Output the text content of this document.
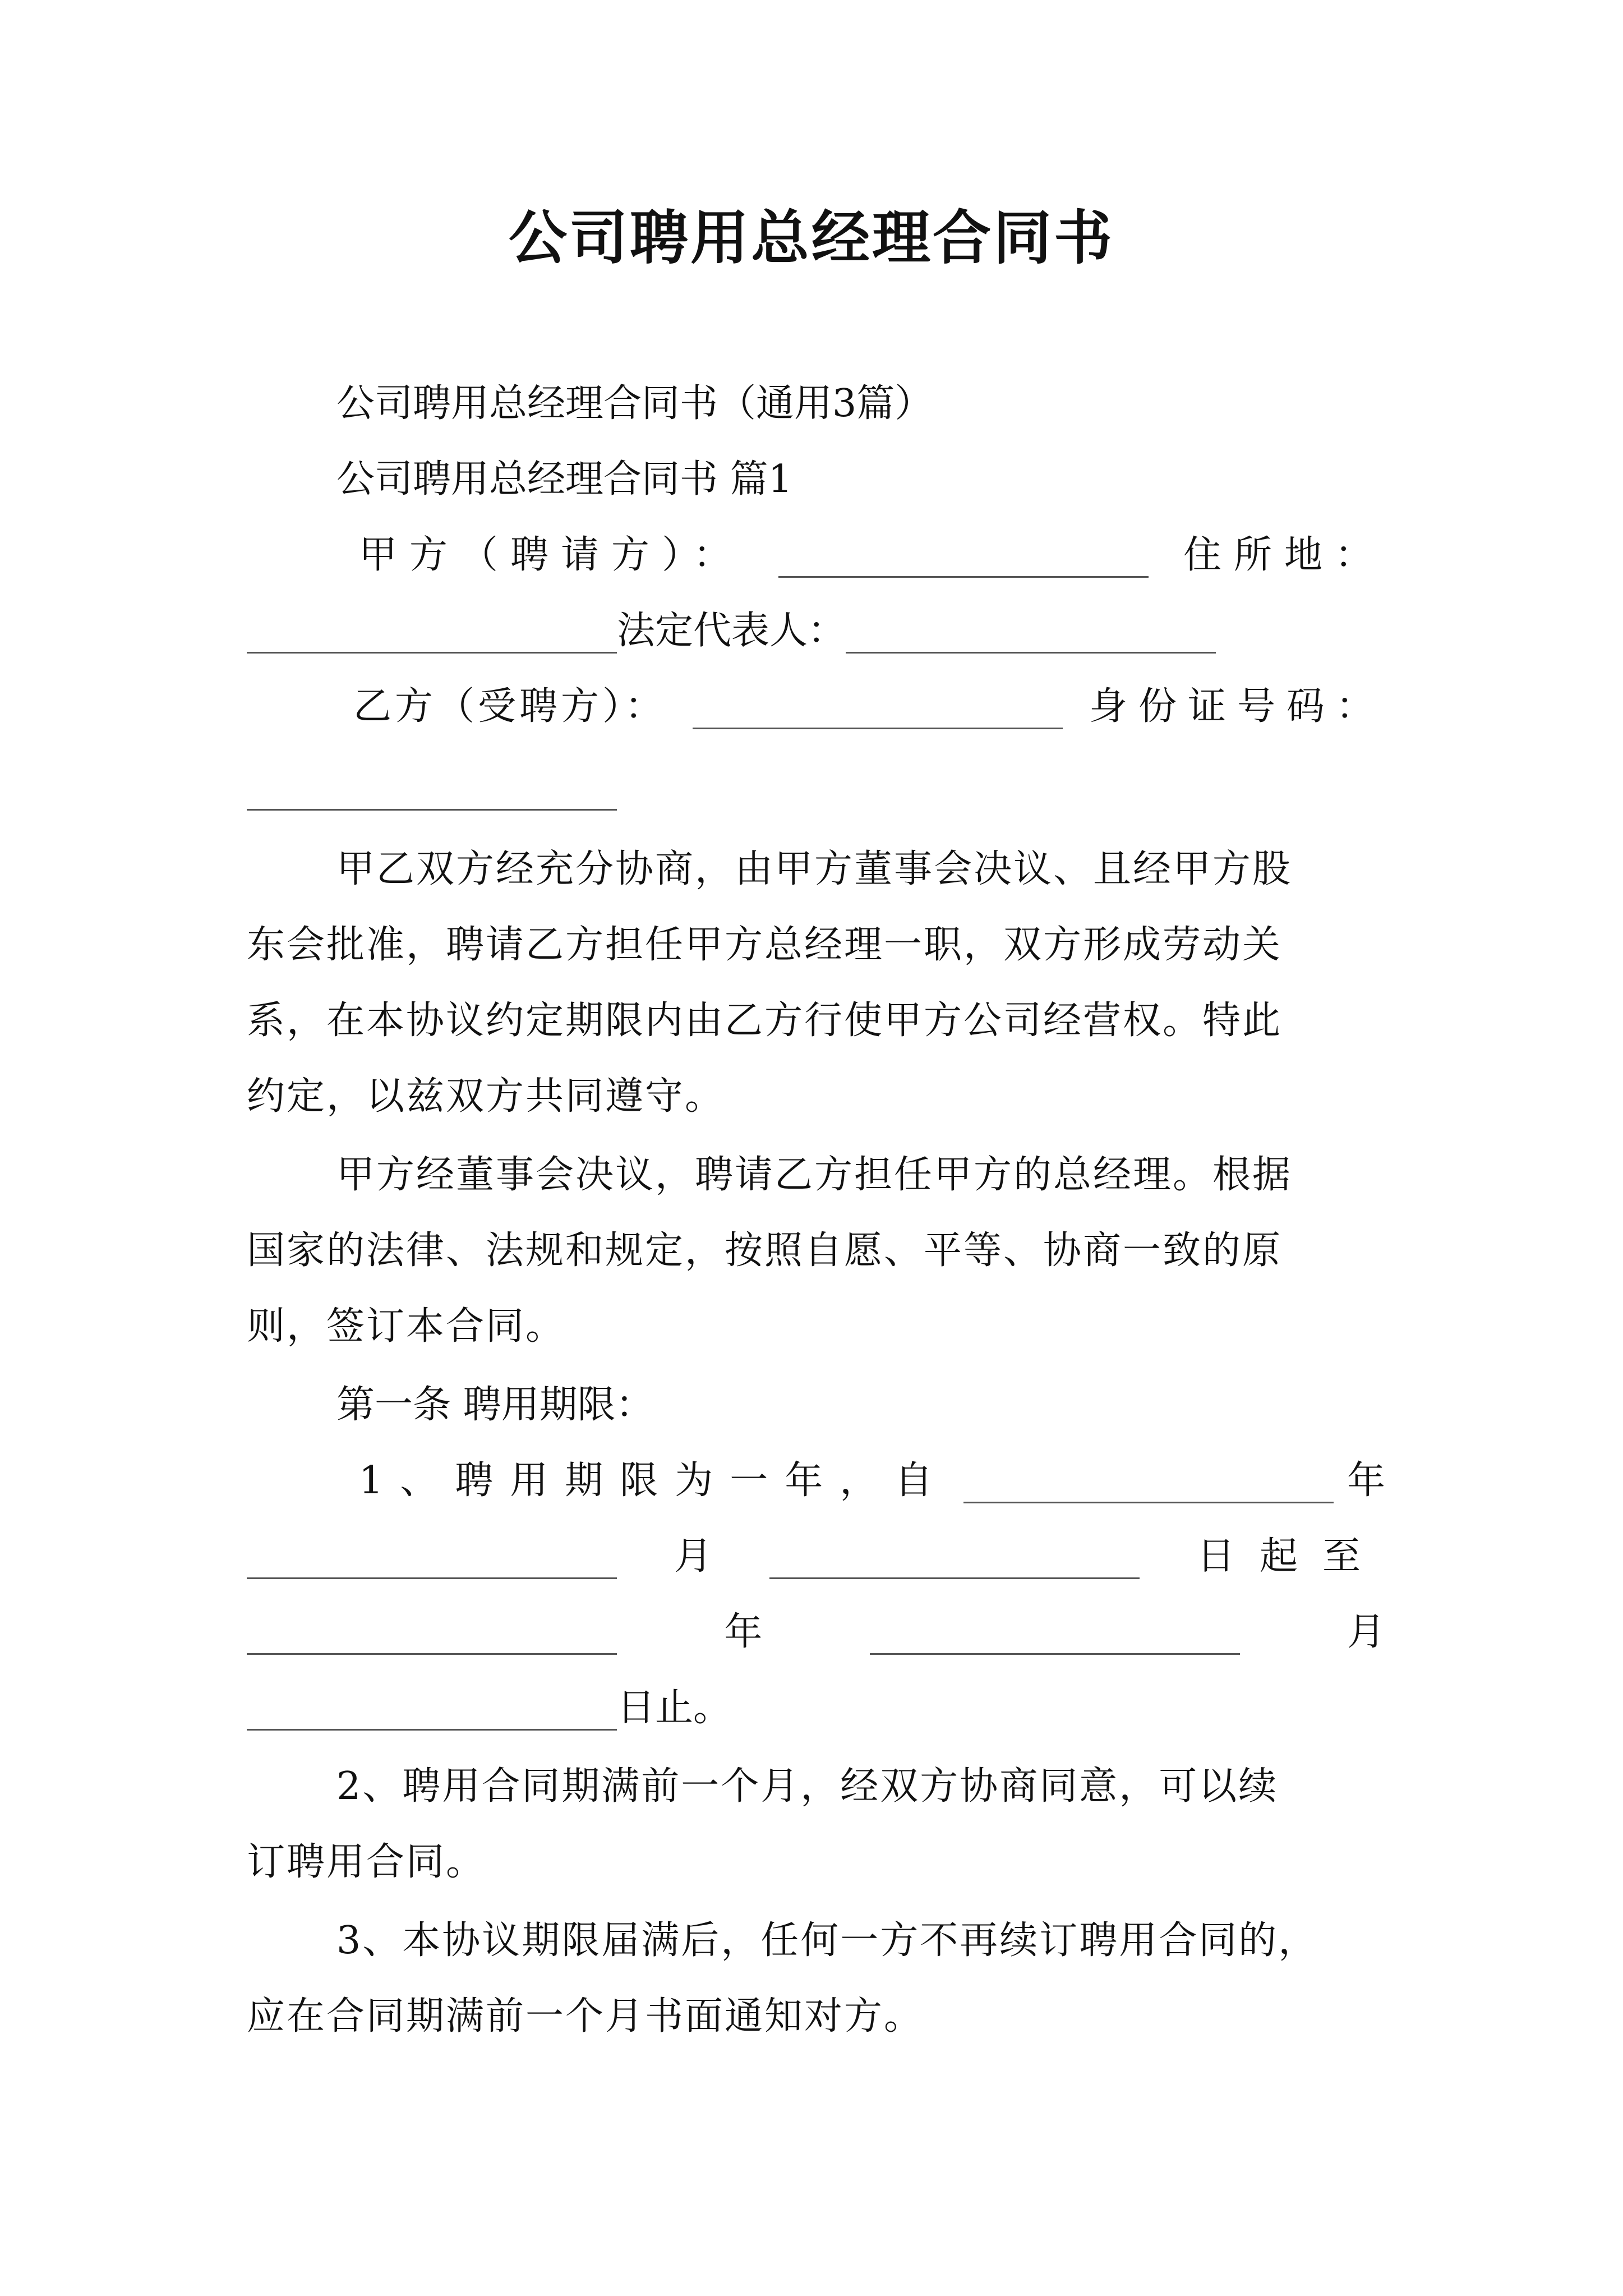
公司聘用总经理合同书
公司聘用总经理合同书（通用3篇）
公司聘用总经理合同书 篇1
甲方（聘请方）：	住所地：
法定代表人：
乙方（受聘方）：	身份证号码：
甲乙双方经充分协商，由甲方董事会决议、且经甲方股
东会批准，聘请乙方担任甲方总经理一职，双方形成劳动关
系，在本协议约定期限内由乙方行使甲方公司经营权。特此
约定，以兹双方共同遵守。
甲方经董事会决议，聘请乙方担任甲方的总经理。根据
国家的法律、法规和规定，按照自愿、平等、协商一致的原
则，签订本合同。
第一条 聘用期限：
1、聘用期限为一年，自	年
月	日起至
年	月
日止。
2、聘用合同期满前一个月，经双方协商同意，可以续
订聘用合同。
3、本协议期限届满后，任何一方不再续订聘用合同的，
应在合同期满前一个月书面通知对方。
